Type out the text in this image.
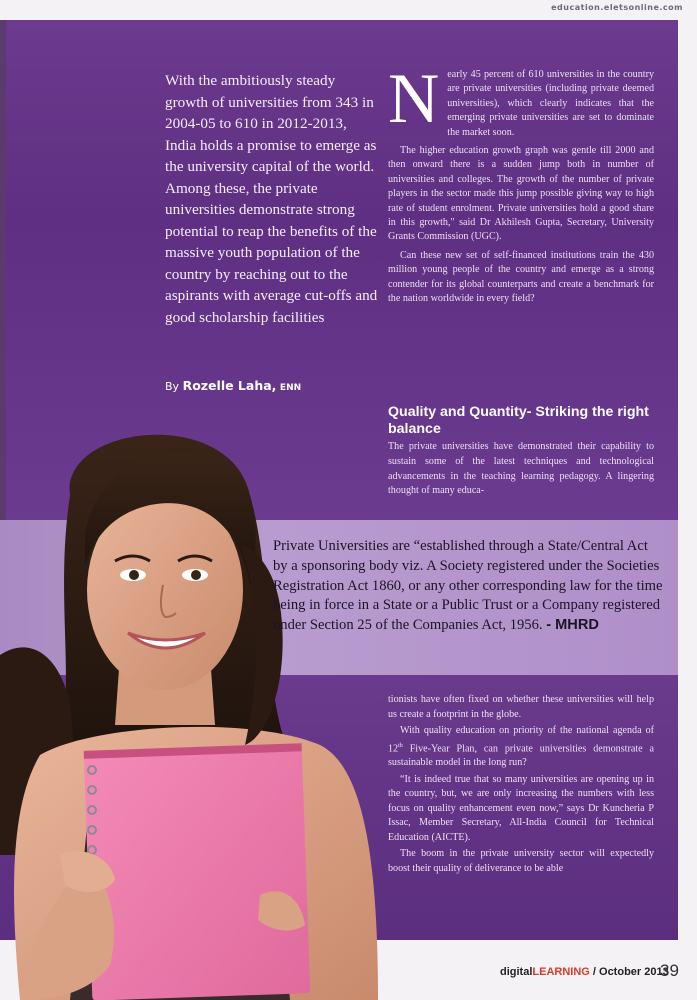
education.eletsonline.com
With the ambitiously steady growth of universities from 343 in 2004-05 to 610 in 2012-2013, India holds a promise to emerge as the university capital of the world. Among these, the private universities demonstrate strong potential to reap the benefits of the massive youth population of the country by reaching out to the aspirants with average cut-offs and good scholarship facilities
By Rozelle Laha, ENN

N early 45 percent of 610 universities in the country are private universities (including private deemed universities), which clearly indicates that the emerging private universities are set to dominate the market soon.

The higher education growth graph was gentle till 2000 and then onward there is a sudden jump both in number of universities and colleges. The growth of the number of private players in the sector made this jump possible giving way to high rate of student enrolment. Private universities hold a good share in this growth," said Dr Akhilesh Gupta, Secretary, University Grants Commission (UGC).

Can these new set of self-financed institutions train the 430 million young people of the country and emerge as a strong contender for its global counterparts and create a benchmark for the nation worldwide in every field?

Quality and Quantity- Striking the right balance

The private universities have demonstrated their capability to sustain some of the latest techniques and technological advancements in the teaching learning pedagogy. A lingering thought of many educa-

Private Universities are “established through a State/Central Act by a sponsoring body viz. A Society registered under the Societies Registration Act 1860, or any other corresponding law for the time being in force in a State or a Public Trust or a Company registered under Section 25 of the Companies Act, 1956. - MHRD

tionists have often fixed on whether these universities will help us create a footprint in the globe.

With quality education on priority of the national agenda of 12th Five-Year Plan, can private universities demonstrate a sustainable model in the long run?

“It is indeed true that so many universities are opening up in the country, but, we are only increasing the numbers with less focus on quality enhancement even now,” says Dr Kuncheria P Issac, Member Secretary, All-India Council for Technical Education (AICTE).

The boom in the private university sector will expectedly boost their quality of deliverance to be able

digitalLEARNING / October 2013
39
